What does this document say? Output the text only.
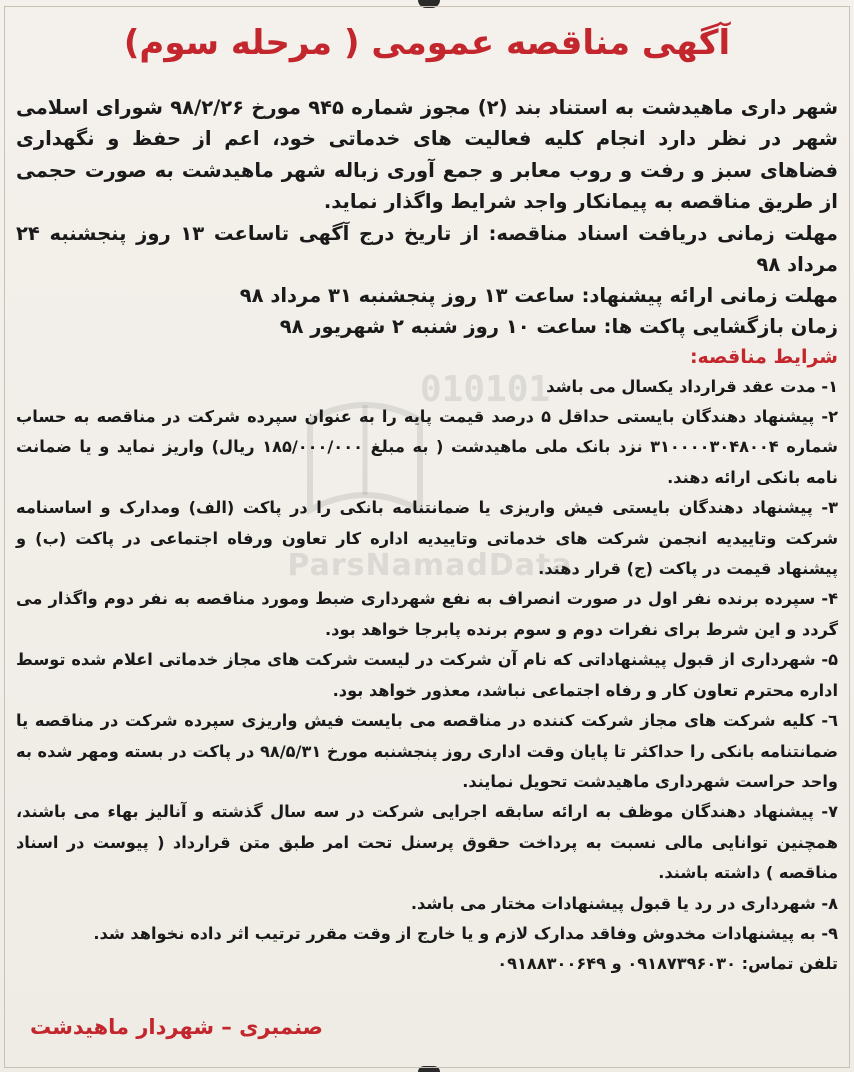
010101
ParsNamadData
آگهی مناقصه عمومی ( مرحله سوم)

شهر داری ماهیدشت به استناد بند (۲) مجوز شماره ۹۴۵ مورخ ۹۸/۲/۲۶ شورای اسلامی شهر در نظر دارد انجام کلیه فعالیت های خدماتی خود، اعم از حفظ و نگهداری فضاهای سبز و رفت و روب معابر و جمع آوری زباله شهر ماهیدشت به صورت حجمی از طریق مناقصه به پیمانکار واجد شرایط واگذار نماید.

مهلت زمانی دریافت اسناد مناقصه: از تاریخ درج آگهی تاساعت ۱۳ روز پنجشنبه ۲۴ مرداد ۹۸

مهلت زمانی ارائه پیشنهاد: ساعت ۱۳ روز پنجشنبه ۳۱ مرداد ۹۸

زمان بازگشایی پاکت ها: ساعت ۱۰ روز شنبه ۲ شهریور ۹۸

شرایط مناقصه:

۱- مدت عقد قرارداد یکسال می باشد

۲- پیشنهاد دهندگان بایستی حداقل ۵ درصد قیمت پایه را به عنوان سپرده شرکت در مناقصه به حساب شماره ۳۱۰۰۰۰۳۰۴۸۰۰۴ نزد بانک ملی ماهیدشت ( به مبلغ ۱۸۵/۰۰۰/۰۰۰ ریال) واریز نماید و یا ضمانت نامه بانکی ارائه دهند.

۳- پیشنهاد دهندگان بایستی فیش واریزی یا ضمانتنامه بانکی را در پاکت (الف) ومدارک و اساسنامه شرکت وتاییدیه انجمن شرکت های خدماتی وتاییدیه اداره کار تعاون ورفاه اجتماعی در پاکت (ب) و پیشنهاد قیمت در پاکت (ج) قرار دهند.

۴- سپرده برنده نفر اول در صورت انصراف به نفع شهرداری ضبط ومورد مناقصه به نفر دوم واگذار می گردد و این شرط برای نفرات دوم و سوم برنده پابرجا خواهد بود.

۵- شهرداری از قبول پیشنهاداتی که نام آن شرکت در لیست شرکت های مجاز خدماتی اعلام شده توسط اداره محترم تعاون کار و رفاه اجتماعی نباشد، معذور خواهد بود.

٦- کلیه شرکت های مجاز شرکت کننده در مناقصه می بایست فیش واریزی سپرده شرکت در مناقصه یا ضمانتنامه بانکی را حداکثر تا پایان وقت اداری روز پنجشنبه مورخ ۹۸/۵/۳۱ در پاکت در بسته ومهر شده به واحد حراست شهرداری ماهیدشت تحویل نمایند.

۷- پیشنهاد دهندگان موظف به ارائه سابقه اجرایی شرکت در سه سال گذشته و آنالیز بهاء می باشند، همچنین توانایی مالی نسبت به پرداخت حقوق پرسنل تحت امر طبق متن قرارداد ( پیوست در اسناد مناقصه ) داشته باشند.

۸- شهرداری در رد یا قبول پیشنهادات مختار می باشد.

۹- به پیشنهادات مخدوش وفاقد مدارک لازم و یا خارج از وقت مقرر ترتیب اثر داده نخواهد شد.

تلفن تماس: ۰۹۱۸۷۳۹۶۰۳۰ و ۰۹۱۸۸۳۰۰۶۴۹

صنمبری – شهردار ماهیدشت
